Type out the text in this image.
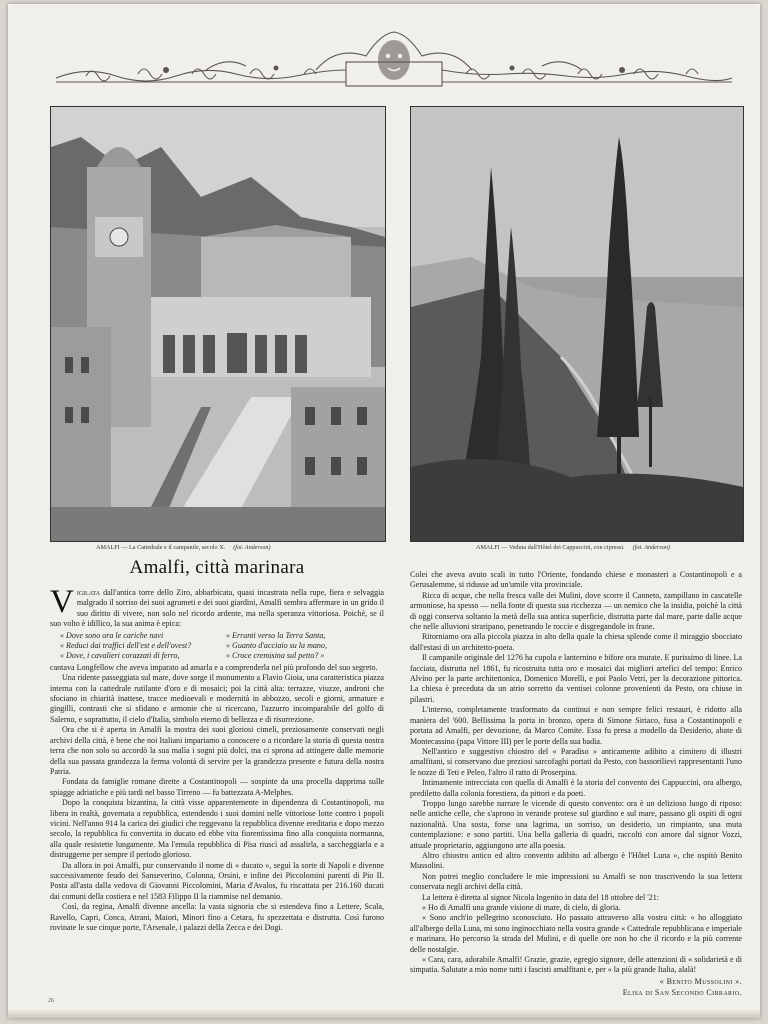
AMALFI — La Cattedrale e il campanile, secolo X. (fot. Anderson)	AMALFI — Veduta dall'Hôtel dei Cappuccini, con cipressi. (fot. Anderson)
Amalfi, città marinara

Vigilata dall'antica torre dello Ziro, abbarbicata, quasi incastrata nella rupe, fiera e selvaggia malgrado il sorriso dei suoi agrumeti e dei suoi giardini, Amalfi sembra affermare in un grido il suo diritto di vivere, non solo nel ricordo ardente, ma nella speranza vittoriosa. Poichè, se il suo volto è idillico, la sua anima è epica:

« Dove sono ora le cariche navi	« Erranti verso la Terra Santa,
« Reduci dai traffici dell'est e dell'ovest?	« Guanto d'acciaio su la mano,
« Dove, i cavalieri corazzati di ferro,	« Croce cremisina sul petto? »

cantava Longfellow che aveva imparato ad amarla e a comprenderla nel più profondo del suo segreto.

Una ridente passeggiata sul mare, dove sorge il monumento a Flavio Gioia, una caratteristica piazza interna con la cattedrale rutilante d'oro e di mosaici; poi la città alta: terrazze, viuzze, androni che sfociano in chiarità inattese, tracce medioevali e modernità in abbozzo, secoli e giorni, armature e gingilli, contrasti che si sfidano e armonie che si ricercano, l'azzurro incomparabile del golfo di Salerno, e soprattutto, il cielo d'Italia, simbolo eterno di bellezza e di risurrezione.

Ora che si è aperta in Amalfi la mostra dei suoi gloriosi cimeli, preziosamente conservati negli archivi della città, è bene che noi Italiani impariamo a conoscere o a ricordare la storia di questa nostra terra che non solo su accordò la sua malìa i sogni più dolci, ma ci sprona ad attingere dalle memorie della sua passata grandezza la ferma volontà di servire per la grandezza presente e futura della nostra Patria.

Fondata da famiglie romane dirette a Costantinopoli — sospinte da una procella dapprima sulle spiagge adriatiche e più tardi nel basso Tirreno — fu battezzata A-Melphes.

Dopo la conquista bizantina, la città visse apparentemente in dipendenza di Costantinopoli, ma libera in realtà, governata a repubblica, estendendo i suoi domini nelle vittoriose lotte contro i popoli vicini. Nell'anno 914 la carica dei giudici che reggevano la repubblica divenne ereditaria e dopo mezzo secolo, la repubblica fu convertita in ducato ed ebbe vita fiorentissima fino alla conquista normanna, alla quale resistette lungamente. Ma l'emula repubblica di Pisa riuscì ad assalirla, a saccheggiarla e a distruggerne per sempre il periodo glorioso.

Da allora in poi Amalfi, pur conservando il nome di « ducato », seguì la sorte di Napoli e divenne successivamente feudo dei Sanseverino, Colonna, Orsini, e infine dei Piccolomini parenti di Pio II. Posta all'asta dalla vedova di Giovanni Piccolomini, Maria d'Avalos, fu riscattata per 216.160 ducati dai comuni della costiera e nel 1583 Filippo II la riammise nel demanio.

Così, da regina, Amalfi divenne ancella: la vasta signoria che si estendeva fino a Lettere, Scala, Ravello, Capri, Conca, Atrani, Maiori, Minori fino a Cetara, fu spezzettata e distrutta. Così furono rovinate le sue cinque porte, l'Arsenale, i palazzi della Zecca e dei Dogi.

Colei che aveva avuto scali in tutto l'Oriente, fondando chiese e monasteri a Costantinopoli e a Gerusalemme, si ridusse ad un'umile vita provinciale.

Ricca di acque, che nella fresca valle dei Mulini, dove scorre il Canneto, zampillano in cascatelle armoniose, ha spesso — nella fonte di questa sua ricchezza — un nemico che la insidia, poichè la città di oggi conserva soltanto la metà della sua antica superficie, distrutta parte dal mare, parte dalle acque che nelle alluvioni straripano, penetrando le roccie e disgregandole in frane.

Ritorniamo ora alla piccola piazza in alto della quale la chiesa splende come il miraggio sbocciato dall'estasi di un architetto-poeta.

Il campanile originale del 1276 ha cupola e lanternino e bifore ora murate. E purissimo di linee. La facciata, distrutta nel 1861, fu ricostruita tutta oro e mosaici dai migliori artefici del tempo: Enrico Alvino per la parte architettonica, Domenico Morelli, e poi Paolo Vetri, per la decorazione pittorica. La chiesa è preceduta da un atrio sorretto da ventisei colonne provenienti da Pesto, ora chiuse in pilastri.

L'interno, completamente trasformato da continui e non sempre felici restauri, è ridotto alla maniera del '600. Bellissima la porta in bronzo, opera di Simone Siriaco, fusa a Costantinopoli e portata ad Amalfi, per devozione, da Marco Comite. Essa fu presa a modello da Desiderio, abate di Montecassino (papa Vittore III) per le porte della sua badia.

Nell'antico e suggestivo chiostro del « Paradiso » anticamente adibito a cimitero di illustri amalfitani, si conservano due preziosi sarcofaghi portati da Pesto, con bassorilievi rappresentanti l'uno le nozze di Teti e Peleo, l'altro il ratto di Proserpina.

Intimamente intrecciata con quella di Amalfi è la storia del convento dei Cappuccini, ora albergo, prediletto dalla colonia forestiera, da pittori e da poeti.

Troppo lungo sarebbe narrare le vicende di questo convento: ora è un delizioso luogo di riposo: nelle antiche celle, che s'aprono in verande protese sul giardino e sul mare, passano gli ospiti di ogni nazionalità. Una sosta, forse una lagrima, un sorriso, un desiderio, un rimpianto, una muta contemplazione: e sono partiti. Una bella galleria di quadri, raccolti con amore dal signor Vozzi, attuale proprietario, aggiungono arte alla poesia.

Altro chiostro antico ed altro convento adibito ad albergo è l'Hôtel Luna », che ospitò Benito Mussolini.

Non potrei meglio concludere le mie impressioni su Amalfi se non trascrivendo la sua lettera conservata negli archivi della città.

La lettera è diretta al signor Nicola Ingenito in data del 18 ottobre del '21:

« Ho di Amalfi una grande visione di mare, di cielo, di gloria.

« Sono anch'io pellegrino sconosciuto. Ho passato attraverso alla vostra città: « ho alloggiato all'albergo della Luna, mi sono inginocchiato nella vostra grande « Cattedrale repubblicana e imperiale e marinara. Ho percorso la strada del Mulini, e di quelle ore non ho che il ricordo e la più corrente delle nostalgie.

« Cara, cara, adorabile Amalfi! Grazie, grazie, egregio signore, delle attenzioni di « solidarietà e di simpatia. Salutate a mio nome tutti i fascisti amalfitani e, per « la più grande Italia, alalà!

« Benito Mussolini ».
Elisa di San Secondo Cirrario.
26
